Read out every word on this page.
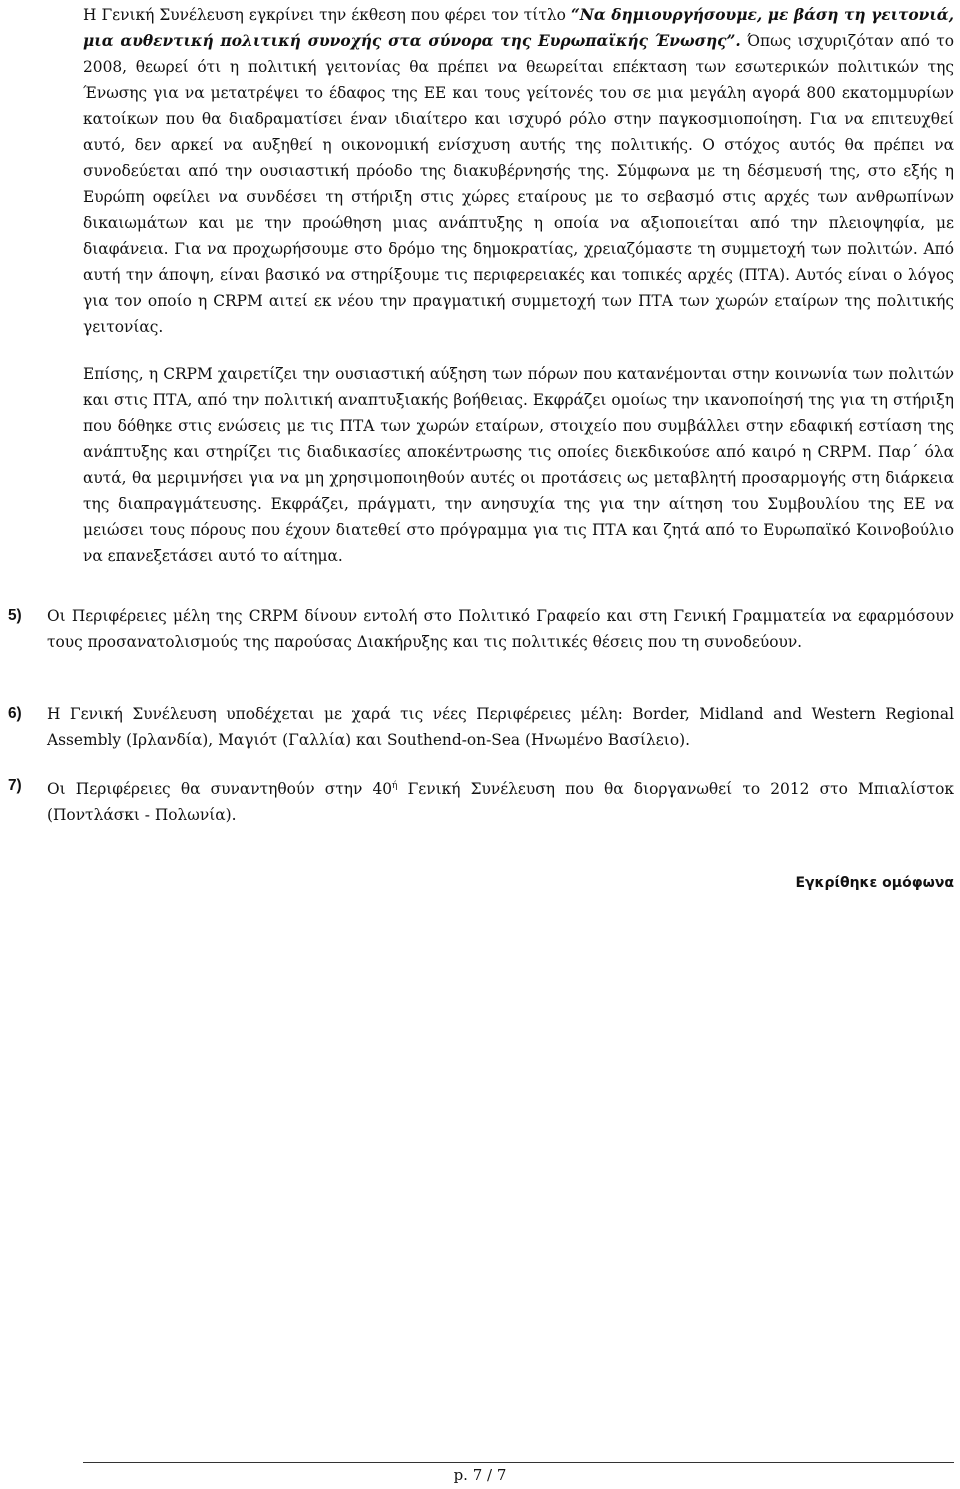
Η Γενική Συνέλευση εγκρίνει την έκθεση που φέρει τον τίτλο “Να δημιουργήσουμε, με βάση τη γειτονιά, μια αυθεντική πολιτική συνοχής στα σύνορα της Ευρωπαϊκής Ένωσης”. Όπως ισχυριζόταν από το 2008, θεωρεί ότι η πολιτική γειτονίας θα πρέπει να θεωρείται επέκταση των εσωτερικών πολιτικών της Ένωσης για να μετατρέψει το έδαφος της ΕΕ και τους γείτονές του σε μια μεγάλη αγορά 800 εκατομμυρίων κατοίκων που θα διαδραματίσει έναν ιδιαίτερο και ισχυρό ρόλο στην παγκοσμιοποίηση. Για να επιτευχθεί αυτό, δεν αρκεί να αυξηθεί η οικονομική ενίσχυση αυτής της πολιτικής. Ο στόχος αυτός θα πρέπει να συνοδεύεται από την ουσιαστική πρόοδο της διακυβέρνησής της. Σύμφωνα με τη δέσμευσή της, στο εξής η Ευρώπη οφείλει να συνδέσει τη στήριξη στις χώρες εταίρους με το σεβασμό στις αρχές των ανθρωπίνων δικαιωμάτων και με την προώθηση μιας ανάπτυξης η οποία να αξιοποιείται από την πλειοψηφία, με διαφάνεια. Για να προχωρήσουμε στο δρόμο της δημοκρατίας, χρειαζόμαστε τη συμμετοχή των πολιτών. Από αυτή την άποψη, είναι βασικό να στηρίξουμε τις περιφερειακές και τοπικές αρχές (ΠΤΑ). Αυτός είναι ο λόγος για τον οποίο η CRPM αιτεί εκ νέου την πραγματική συμμετοχή των ΠΤΑ των χωρών εταίρων της πολιτικής γειτονίας.

Επίσης, η CRPM χαιρετίζει την ουσιαστική αύξηση των πόρων που κατανέμονται στην κοινωνία των πολιτών και στις ΠΤΑ, από την πολιτική αναπτυξιακής βοήθειας. Εκφράζει ομοίως την ικανοποίησή της για τη στήριξη που δόθηκε στις ενώσεις με τις ΠΤΑ των χωρών εταίρων, στοιχείο που συμβάλλει στην εδαφική εστίαση της ανάπτυξης και στηρίζει τις διαδικασίες αποκέντρωσης τις οποίες διεκδικούσε από καιρό η CRPM. Παρ΄ όλα αυτά, θα μεριμνήσει για να μη χρησιμοποιηθούν αυτές οι προτάσεις ως μεταβλητή προσαρμογής στη διάρκεια της διαπραγμάτευσης. Εκφράζει, πράγματι, την ανησυχία της για την αίτηση του Συμβουλίου της ΕΕ να μειώσει τους πόρους που έχουν διατεθεί στο πρόγραμμα για τις ΠΤΑ και ζητά από το Ευρωπαϊκό Κοινοβούλιο να επανεξετάσει αυτό το αίτημα.

5) Οι Περιφέρειες μέλη της CRPM δίνουν εντολή στο Πολιτικό Γραφείο και στη Γενική Γραμματεία να εφαρμόσουν τους προσανατολισμούς της παρούσας Διακήρυξης και τις πολιτικές θέσεις που τη συνοδεύουν.
6) Η Γενική Συνέλευση υποδέχεται με χαρά τις νέες Περιφέρειες μέλη: Border, Midland and Western Regional Assembly (Ιρλανδία), Μαγιότ (Γαλλία) και Southend-on-Sea (Ηνωμένο Βασίλειο).
7) Οι Περιφέρειες θα συναντηθούν στην $40^ή$ Γενική Συνέλευση που θα διοργανωθεί το 2012 στο Μπιαλίστοκ (Ποντλάσκι - Πολωνία).
Εγκρίθηκε ομόφωνα
p. 7 / 7
